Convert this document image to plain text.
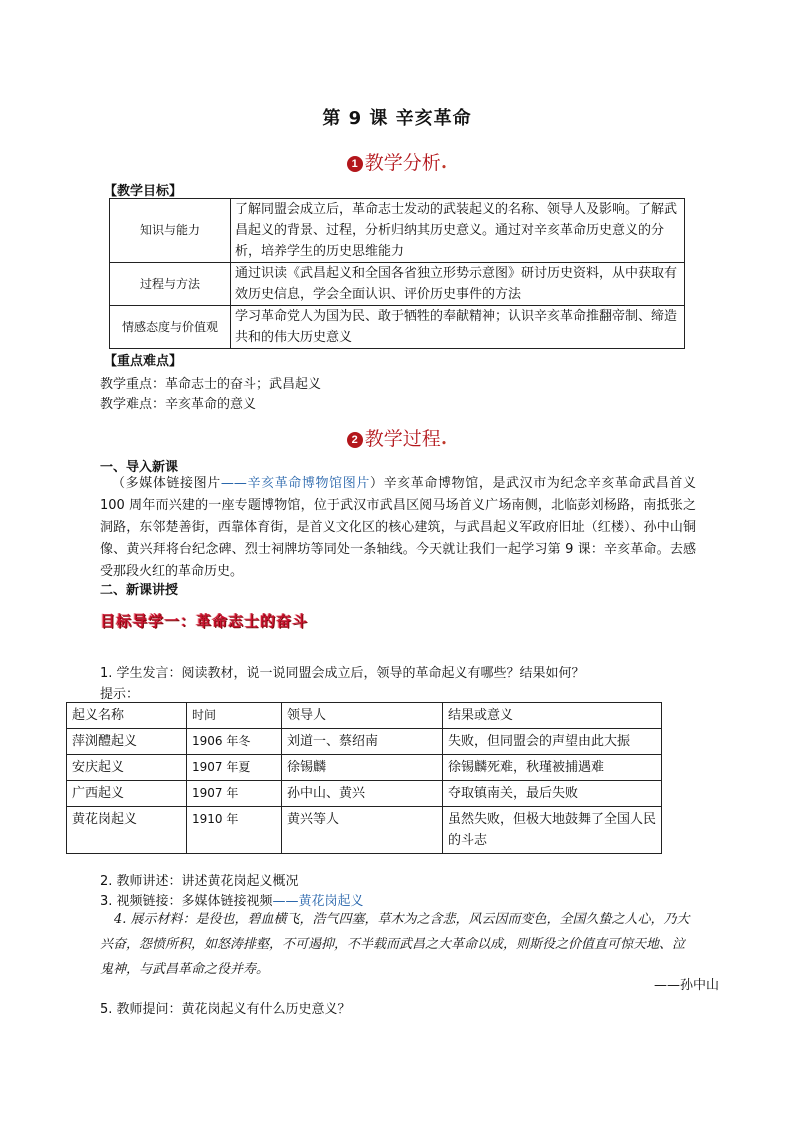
第 9 课 辛亥革命
1 教学分析•
【教学目标】
知识与能力	了解同盟会成立后，革命志士发动的武装起义的名称、领导人及影响。了解武昌起义的背景、过程，分析归纳其历史意义。通过对辛亥革命历史意义的分析，培养学生的历史思维能力
过程与方法	通过识读《武昌起义和全国各省独立形势示意图》研讨历史资料，从中获取有效历史信息，学会全面认识、评价历史事件的方法
情感态度与价值观	学习革命党人为国为民、敢于牺牲的奉献精神；认识辛亥革命推翻帝制、缔造共和的伟大历史意义
【重点难点】
教学重点：革命志士的奋斗；武昌起义
教学难点：辛亥革命的意义
2 教学过程•
一、导入新课
（多媒体链接图片——辛亥革命博物馆图片）辛亥革命博物馆，是武汉市为纪念辛亥革命武昌首义 100 周年而兴建的一座专题博物馆，位于武汉市武昌区阅马场首义广场南侧，北临彭刘杨路，南抵张之洞路，东邻楚善街，西靠体育街，是首义文化区的核心建筑，与武昌起义军政府旧址（红楼）、孙中山铜像、黄兴拜将台纪念碑、烈士祠牌坊等同处一条轴线。今天就让我们一起学习第 9 课：辛亥革命。去感受那段火红的革命历史。
二、新课讲授
目标导学一：革命志士的奋斗
1. 学生发言：阅读教材，说一说同盟会成立后，领导的革命起义有哪些？结果如何？
提示：
起义名称	时间	领导人	结果或意义
萍浏醴起义	1906 年冬	刘道一、蔡绍南	失败，但同盟会的声望由此大振
安庆起义	1907 年夏	徐锡麟	徐锡麟死难，秋瑾被捕遇难
广西起义	1907 年	孙中山、黄兴	夺取镇南关，最后失败
黄花岗起义	1910 年	黄兴等人	虽然失败，但极大地鼓舞了全国人民的斗志
2. 教师讲述：讲述黄花岗起义概况
3. 视频链接：多媒体链接视频——黄花岗起义
4. 展示材料：是役也，碧血横飞，浩气四塞，草木为之含悲，风云因而变色，全国久蛰之人心，乃大兴奋，怨愤所积，如怒涛排壑，不可遏抑，不半载而武昌之大革命以成，则斯役之价值直可惊天地、泣鬼神，与武昌革命之役并寿。
——孙中山
5. 教师提问：黄花岗起义有什么历史意义？
